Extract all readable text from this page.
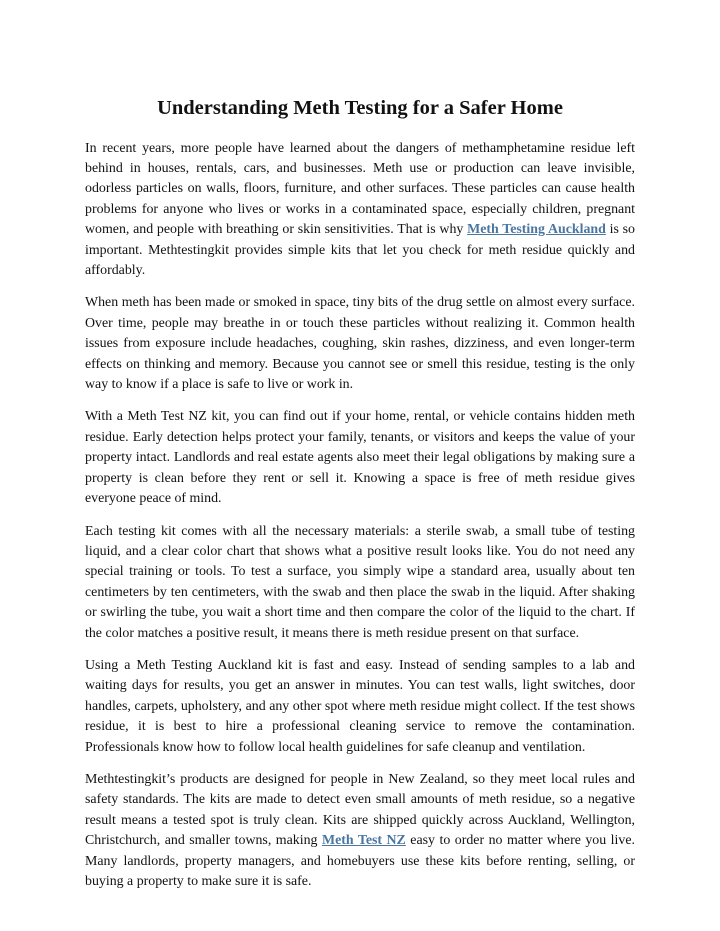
Understanding Meth Testing for a Safer Home

In recent years, more people have learned about the dangers of methamphetamine residue left behind in houses, rentals, cars, and businesses. Meth use or production can leave invisible, odorless particles on walls, floors, furniture, and other surfaces. These particles can cause health problems for anyone who lives or works in a contaminated space, especially children, pregnant women, and people with breathing or skin sensitivities. That is why Meth Testing Auckland is so important. Methtestingkit provides simple kits that let you check for meth residue quickly and affordably.

When meth has been made or smoked in space, tiny bits of the drug settle on almost every surface. Over time, people may breathe in or touch these particles without realizing it. Common health issues from exposure include headaches, coughing, skin rashes, dizziness, and even longer-term effects on thinking and memory. Because you cannot see or smell this residue, testing is the only way to know if a place is safe to live or work in.

With a Meth Test NZ kit, you can find out if your home, rental, or vehicle contains hidden meth residue. Early detection helps protect your family, tenants, or visitors and keeps the value of your property intact. Landlords and real estate agents also meet their legal obligations by making sure a property is clean before they rent or sell it. Knowing a space is free of meth residue gives everyone peace of mind.

Each testing kit comes with all the necessary materials: a sterile swab, a small tube of testing liquid, and a clear color chart that shows what a positive result looks like. You do not need any special training or tools. To test a surface, you simply wipe a standard area, usually about ten centimeters by ten centimeters, with the swab and then place the swab in the liquid. After shaking or swirling the tube, you wait a short time and then compare the color of the liquid to the chart. If the color matches a positive result, it means there is meth residue present on that surface.

Using a Meth Testing Auckland kit is fast and easy. Instead of sending samples to a lab and waiting days for results, you get an answer in minutes. You can test walls, light switches, door handles, carpets, upholstery, and any other spot where meth residue might collect. If the test shows residue, it is best to hire a professional cleaning service to remove the contamination. Professionals know how to follow local health guidelines for safe cleanup and ventilation.

Methtestingkit’s products are designed for people in New Zealand, so they meet local rules and safety standards. The kits are made to detect even small amounts of meth residue, so a negative result means a tested spot is truly clean. Kits are shipped quickly across Auckland, Wellington, Christchurch, and smaller towns, making Meth Test NZ easy to order no matter where you live. Many landlords, property managers, and homebuyers use these kits before renting, selling, or buying a property to make sure it is safe.
